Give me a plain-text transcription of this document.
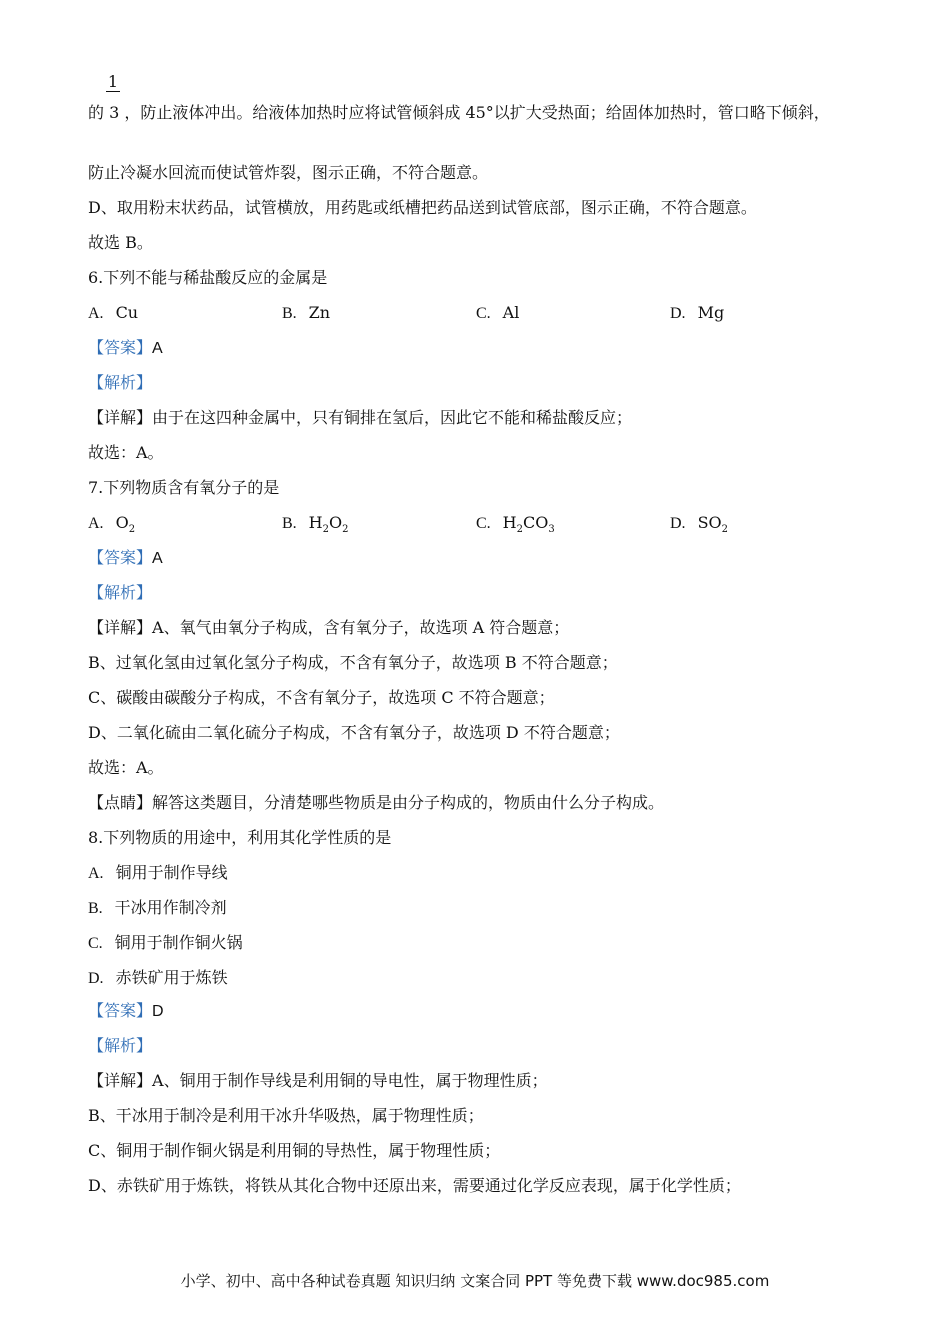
1
的 3 ，防止液体冲出。给液体加热时应将试管倾斜成 45°以扩大受热面；给固体加热时，管口略下倾斜，
防止冷凝水回流而使试管炸裂，图示正确，不符合题意。
D、取用粉末状药品，试管横放，用药匙或纸槽把药品送到试管底部，图示正确，不符合题意。
故选 B。
6.下列不能与稀盐酸反应的金属是
A. Cu	B. Zn	C. Al	D. Mg
【答案】A
【解析】
【详解】由于在这四种金属中，只有铜排在氢后，因此它不能和稀盐酸反应；
故选：A。
7.下列物质含有氧分子的是
A. $O_2$	B. $H_2O_2$	C. $H_2CO_3$	D. $SO_2$
【答案】A
【解析】
【详解】A、氧气由氧分子构成，含有氧分子，故选项 A 符合题意；
B、过氧化氢由过氧化氢分子构成，不含有氧分子，故选项 B 不符合题意；
C、碳酸由碳酸分子构成，不含有氧分子，故选项 C 不符合题意；
D、二氧化硫由二氧化硫分子构成，不含有氧分子，故选项 D 不符合题意；
故选：A。
【点睛】解答这类题目，分清楚哪些物质是由分子构成的，物质由什么分子构成。
8.下列物质的用途中，利用其化学性质的是
A. 铜用于制作导线
B. 干冰用作制冷剂
C. 铜用于制作铜火锅
D. 赤铁矿用于炼铁
【答案】D
【解析】
【详解】A、铜用于制作导线是利用铜的导电性，属于物理性质；
B、干冰用于制冷是利用干冰升华吸热，属于物理性质；
C、铜用于制作铜火锅是利用铜的导热性，属于物理性质；
D、赤铁矿用于炼铁，将铁从其化合物中还原出来，需要通过化学反应表现，属于化学性质；
小学、初中、高中各种试卷真题 知识归纳 文案合同 PPT 等免费下载 www.doc985.com
